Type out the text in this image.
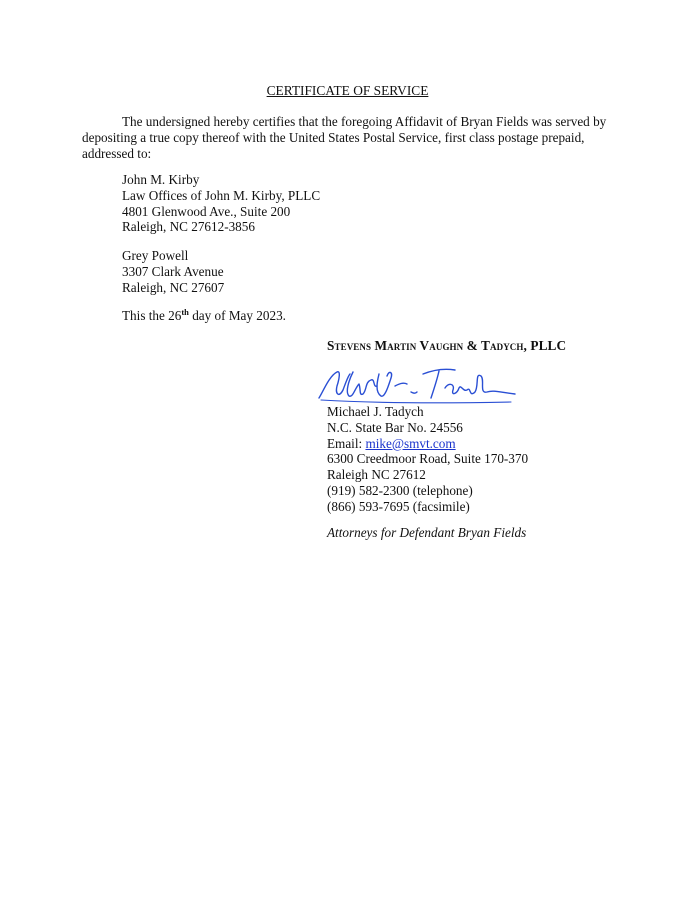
CERTIFICATE OF SERVICE

The undersigned hereby certifies that the foregoing Affidavit of Bryan Fields was served by depositing a true copy thereof with the United States Postal Service, first class postage prepaid, addressed to:

John M. Kirby
Law Offices of John M. Kirby, PLLC
4801 Glenwood Ave., Suite 200
Raleigh, NC 27612-3856
Grey Powell
3307 Clark Avenue
Raleigh, NC 27607
This the 26th day of May 2023.
Stevens Martin Vaughn & Tadych, PLLC
Michael J. Tadych
N.C. State Bar No. 24556
Email: mike@smvt.com
6300 Creedmoor Road, Suite 170-370
Raleigh NC 27612
(919) 582-2300 (telephone)
(866) 593-7695 (facsimile)
Attorneys for Defendant Bryan Fields
